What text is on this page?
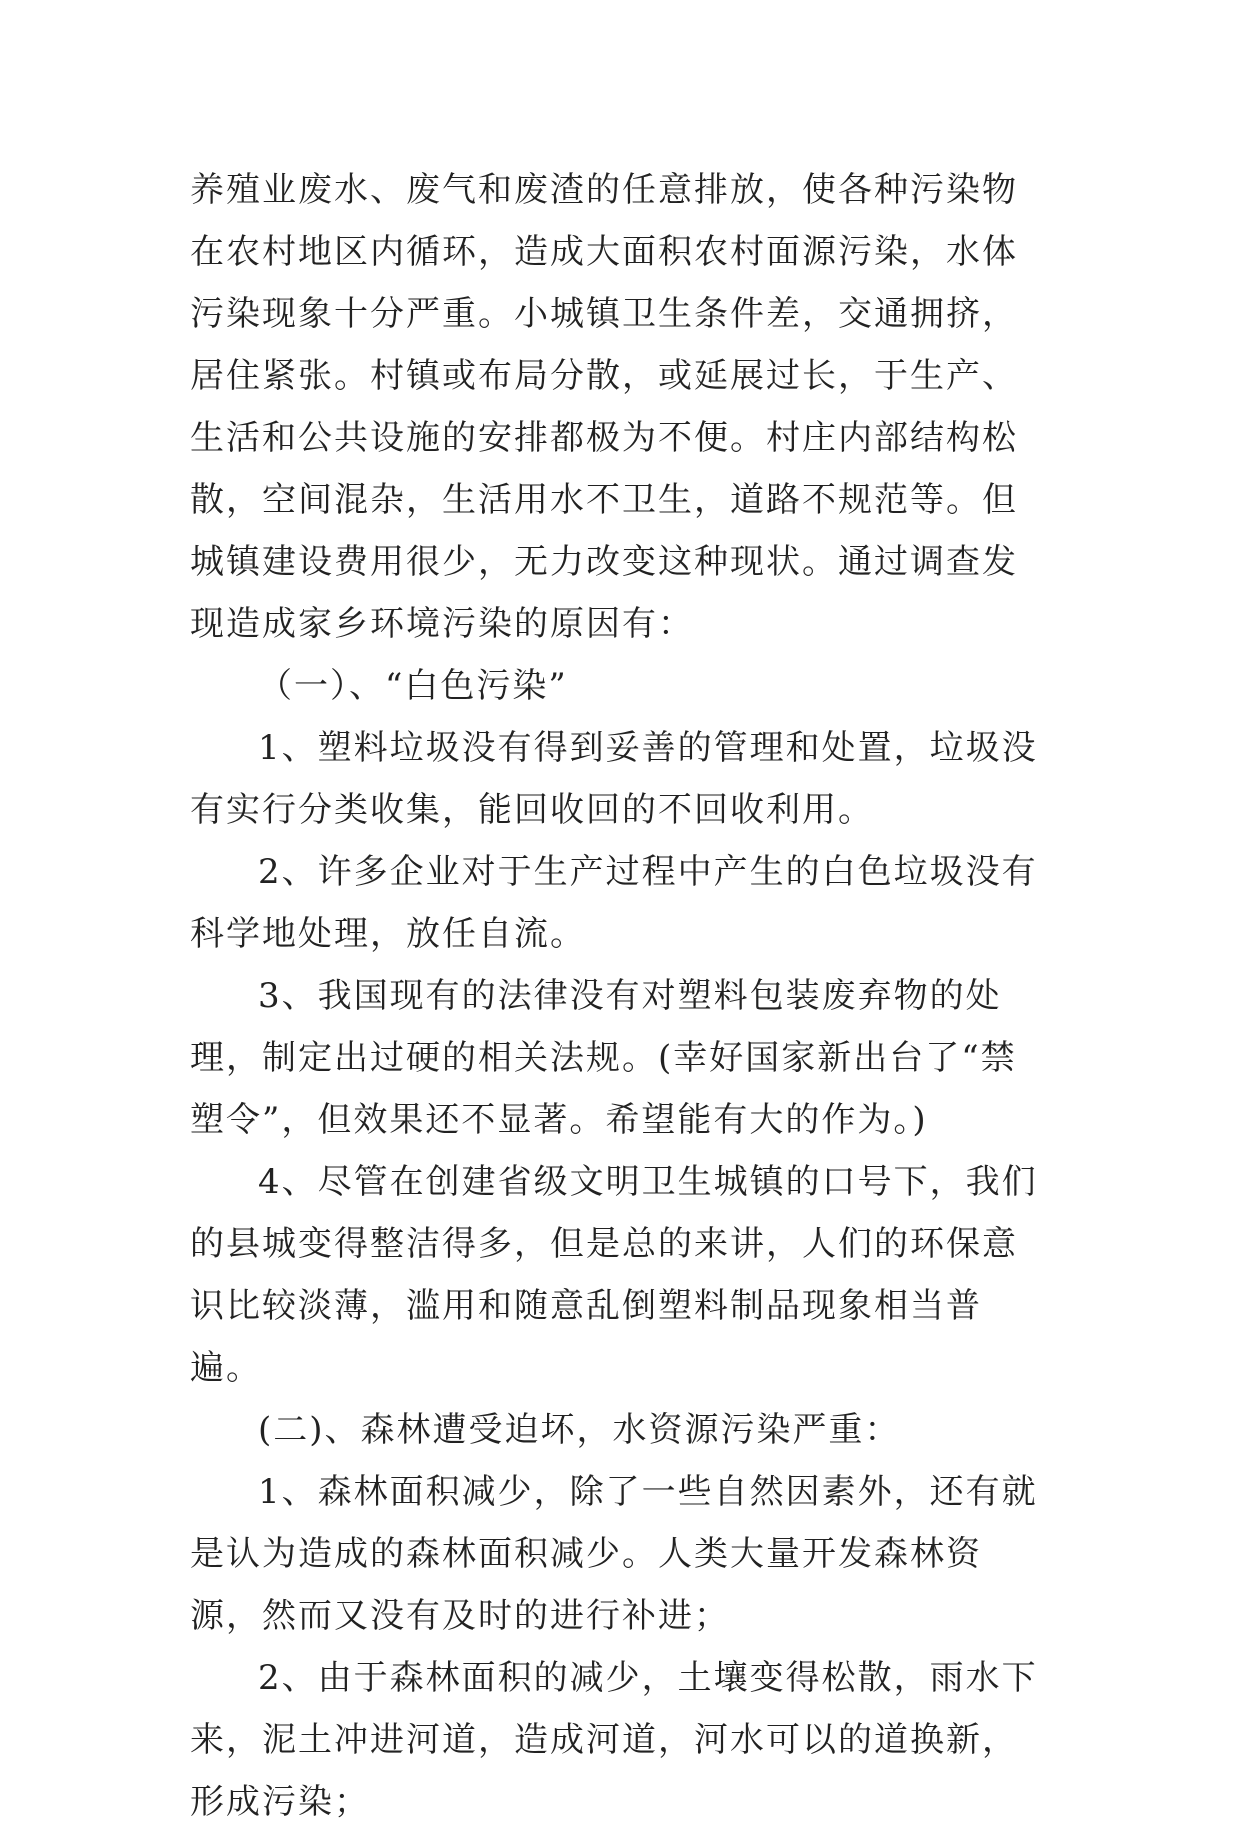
养殖业废水、废气和废渣的任意排放，使各种污染物在农村地区内循环，造成大面积农村面源污染，水体污染现象十分严重。小城镇卫生条件差，交通拥挤，居住紧张。村镇或布局分散，或延展过长，于生产、生活和公共设施的安排都极为不便。村庄内部结构松散，空间混杂，生活用水不卫生，道路不规范等。但城镇建设费用很少，无力改变这种现状。通过调查发现造成家乡环境污染的原因有：

（一）、“白色污染”

1、塑料垃圾没有得到妥善的管理和处置，垃圾没有实行分类收集，能回收回的不回收利用。

2、许多企业对于生产过程中产生的白色垃圾没有科学地处理，放任自流。

3、我国现有的法律没有对塑料包装废弃物的处理，制定出过硬的相关法规。(幸好国家新出台了“禁塑令”，但效果还不显著。希望能有大的作为。)

4、尽管在创建省级文明卫生城镇的口号下，我们的县城变得整洁得多，但是总的来讲，人们的环保意识比较淡薄，滥用和随意乱倒塑料制品现象相当普遍。

(二)、森林遭受迫坏，水资源污染严重：

1、森林面积减少，除了一些自然因素外，还有就是认为造成的森林面积减少。人类大量开发森林资源，然而又没有及时的进行补进；

2、由于森林面积的减少，土壤变得松散，雨水下来，泥土冲进河道，造成河道，河水可以的道换新，形成污染；
